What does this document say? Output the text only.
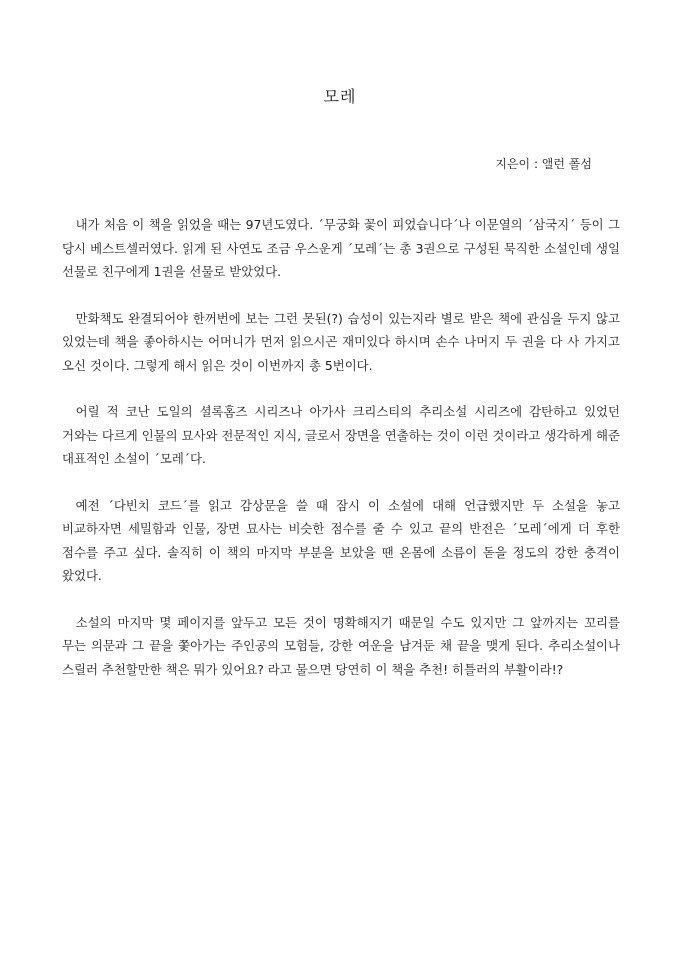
모레

지은이 : 앨런 폴섬

내가 처음 이 책을 읽었을 때는 97년도였다. ´무궁화 꽃이 피었습니다´나 이문열의 ´삼국지´ 등이 그 당시 베스트셀러였다. 읽게 된 사연도 조금 우스운게 ´모레´는 총 3권으로 구성된 묵직한 소설인데 생일 선물로 친구에게 1권을 선물로 받았었다.

만화책도 완결되어야 한꺼번에 보는 그런 못된(?) 습성이 있는지라 별로 받은 책에 관심을 두지 않고 있었는데 책을 좋아하시는 어머니가 먼저 읽으시곤 재미있다 하시며 손수 나머지 두 권을 다 사 가지고 오신 것이다. 그렇게 해서 읽은 것이 이번까지 총 5번이다.

어릴 적 코난 도일의 셜록홈즈 시리즈나 아가사 크리스티의 추리소설 시리즈에 감탄하고 있었던 거와는 다르게 인물의 묘사와 전문적인 지식, 글로서 장면을 연출하는 것이 이런 것이라고 생각하게 해준 대표적인 소설이 ´모레´다.

예전 ´다빈치 코드´를 읽고 감상문을 쓸 때 잠시 이 소설에 대해 언급했지만 두 소설을 놓고 비교하자면 세밀함과 인물, 장면 묘사는 비슷한 점수를 줄 수 있고 끝의 반전은 ´모레´에게 더 후한 점수를 주고 싶다. 솔직히 이 책의 마지막 부분을 보았을 땐 온몸에 소름이 돋을 정도의 강한 충격이 왔었다.

소설의 마지막 몇 페이지를 앞두고 모든 것이 명확해지기 때문일 수도 있지만 그 앞까지는 꼬리를 무는 의문과 그 끝을 쫓아가는 주인공의 모험들, 강한 여운을 남겨둔 채 끝을 맺게 된다. 추리소설이나 스릴러 추천할만한 책은 뭐가 있어요? 라고 물으면 당연히 이 책을 추천! 히틀러의 부활이라!?
